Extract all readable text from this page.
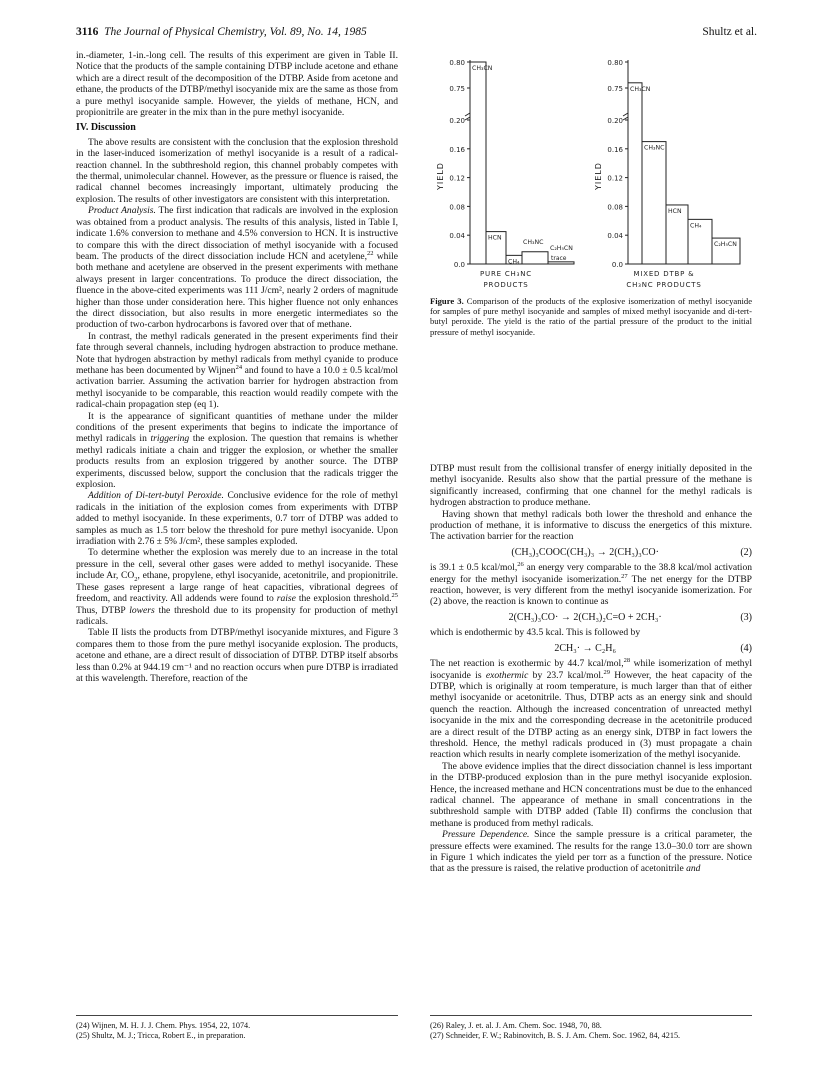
3116 The Journal of Physical Chemistry, Vol. 89, No. 14, 1985	Shultz et al.

in.-diameter, 1-in.-long cell. The results of this experiment are given in Table II. Notice that the products of the sample containing DTBP include acetone and ethane which are a direct result of the decomposition of the DTBP. Aside from acetone and ethane, the products of the DTBP/methyl isocyanide mix are the same as those from a pure methyl isocyanide sample. However, the yields of methane, HCN, and propionitrile are greater in the mix than in the pure methyl isocyanide.

IV. Discussion

The above results are consistent with the conclusion that the explosion threshold in the laser-induced isomerization of methyl isocyanide is a result of a radical-reaction channel. In the subthreshold region, this channel probably competes with the thermal, unimolecular channel. However, as the pressure or fluence is raised, the radical channel becomes increasingly important, ultimately producing the explosion. The results of other investigators are consistent with this interpretation.

Product Analysis. The first indication that radicals are involved in the explosion was obtained from a product analysis. The results of this analysis, listed in Table I, indicate 1.6% conversion to methane and 4.5% conversion to HCN. It is instructive to compare this with the direct dissociation of methyl isocyanide with a focused beam. The products of the direct dissociation include HCN and acetylene,$^{22}$ while both methane and acetylene are observed in the present experiments with methane always present in larger concentrations. To produce the direct dissociation, the fluence in the above-cited experiments was 111 J/cm², nearly 2 orders of magnitude higher than those under consideration here. This higher fluence not only enhances the direct dissociation, but also results in more energetic intermediates so the production of two-carbon hydrocarbons is favored over that of methane.

In contrast, the methyl radicals generated in the present experiments find their fate through several channels, including hydrogen abstraction to produce methane. Note that hydrogen abstraction by methyl radicals from methyl cyanide to produce methane has been documented by Wijnen$^{24}$ and found to have a 10.0 ± 0.5 kcal/mol activation barrier. Assuming the activation barrier for hydrogen abstraction from methyl isocyanide to be comparable, this reaction would readily compete with the radical-chain propagation step (eq 1).

It is the appearance of significant quantities of methane under the milder conditions of the present experiments that begins to indicate the importance of methyl radicals in triggering the explosion. The question that remains is whether methyl radicals initiate a chain and trigger the explosion, or whether the smaller products results from an explosion triggered by another source. The DTBP experiments, discussed below, support the conclusion that the radicals trigger the explosion.

Addition of Di-tert-butyl Peroxide. Conclusive evidence for the role of methyl radicals in the initiation of the explosion comes from experiments with DTBP added to methyl isocyanide. In these experiments, 0.7 torr of DTBP was added to samples as much as 1.5 torr below the threshold for pure methyl isocyanide. Upon irradiation with 2.76 ± 5% J/cm², these samples exploded.

To determine whether the explosion was merely due to an increase in the total pressure in the cell, several other gases were added to methyl isocyanide. These include Ar, $CO_2$, ethane, propylene, ethyl isocyanide, acetonitrile, and propionitrile. These gases represent a large range of heat capacities, vibrational degrees of freedom, and reactivity. All addends were found to raise the explosion threshold.$^{25}$ Thus, DTBP lowers the threshold due to its propensity for production of methyl radicals.

Table II lists the products from DTBP/methyl isocyanide mixtures, and Figure 3 compares them to those from the pure methyl isocyanide explosion. The products, acetone and ethane, are a direct result of dissociation of DTBP. DTBP itself absorbs less than 0.2% at 944.19 cm⁻¹ and no reaction occurs when pure DTBP is irradiated at this wavelength. Therefore, reaction of the

0.0
0.04
0.08
0.12
0.16
0.20
0.75
0.80
YIELD
CH₃CN
HCN
CH₄
CH₃NC
C₂H₅CN
trace
PURE CH₃NC
PRODUCTS
0.0
0.04
0.08
0.12
0.16
0.20
0.75
0.80
YIELD
CH₃CN
CH₃NC
HCN
CH₄
C₂H₅CN
MIXED DTBP &
CH₃NC PRODUCTS
Figure 3. Comparison of the products of the explosive isomerization of methyl isocyanide for samples of pure methyl isocyanide and samples of mixed methyl isocyanide and di-tert-butyl peroxide. The yield is the ratio of the partial pressure of the product to the initial pressure of methyl isocyanide.

DTBP must result from the collisional transfer of energy initially deposited in the methyl isocyanide. Results also show that the partial pressure of the methane is significantly increased, confirming that one channel for the methyl radicals is hydrogen abstraction to produce methane.

Having shown that methyl radicals both lower the threshold and enhance the production of methane, it is informative to discuss the energetics of this mixture. The activation barrier for the reaction

(CH₃)₃COOC(CH₃)₃ → 2(CH₃)₃CO·	(2)

is 39.1 ± 0.5 kcal/mol,$^{26}$ an energy very comparable to the 38.8 kcal/mol activation energy for the methyl isocyanide isomerization.$^{27}$ The net energy for the DTBP reaction, however, is very different from the methyl isocyanide isomerization. For (2) above, the reaction is known to continue as

2(CH₃)₃CO· → 2(CH₃)₂C=O + 2CH₃·	(3)

which is endothermic by 43.5 kcal. This is followed by

2CH₃· → C₂H₆	(4)

The net reaction is exothermic by 44.7 kcal/mol,$^{28}$ while isomerization of methyl isocyanide is exothermic by 23.7 kcal/mol.$^{29}$ However, the heat capacity of the DTBP, which is originally at room temperature, is much larger than that of either methyl isocyanide or acetonitrile. Thus, DTBP acts as an energy sink and should quench the reaction. Although the increased concentration of unreacted methyl isocyanide in the mix and the corresponding decrease in the acetonitrile produced are a direct result of the DTBP acting as an energy sink, DTBP in fact lowers the threshold. Hence, the methyl radicals produced in (3) must propagate a chain reaction which results in nearly complete isomerization of the methyl isocyanide.

The above evidence implies that the direct dissociation channel is less important in the DTBP-produced explosion than in the pure methyl isocyanide explosion. Hence, the increased methane and HCN concentrations must be due to the enhanced radical channel. The appearance of methane in small concentrations in the subthreshold sample with DTBP added (Table II) confirms the conclusion that methane is produced from methyl radicals.

Pressure Dependence. Since the sample pressure is a critical parameter, the pressure effects were examined. The results for the range 13.0–30.0 torr are shown in Figure 1 which indicates the yield per torr as a function of the pressure. Notice that as the pressure is raised, the relative production of acetonitrile and

(24) Wijnen, M. H. J. J. Chem. Phys. 1954, 22, 1074.
(25) Shultz, M. J.; Tricca, Robert E., in preparation.
(26) Raley, J. et. al. J. Am. Chem. Soc. 1948, 70, 88.
(27) Schneider, F. W.; Rabinovitch, B. S. J. Am. Chem. Soc. 1962, 84, 4215.
